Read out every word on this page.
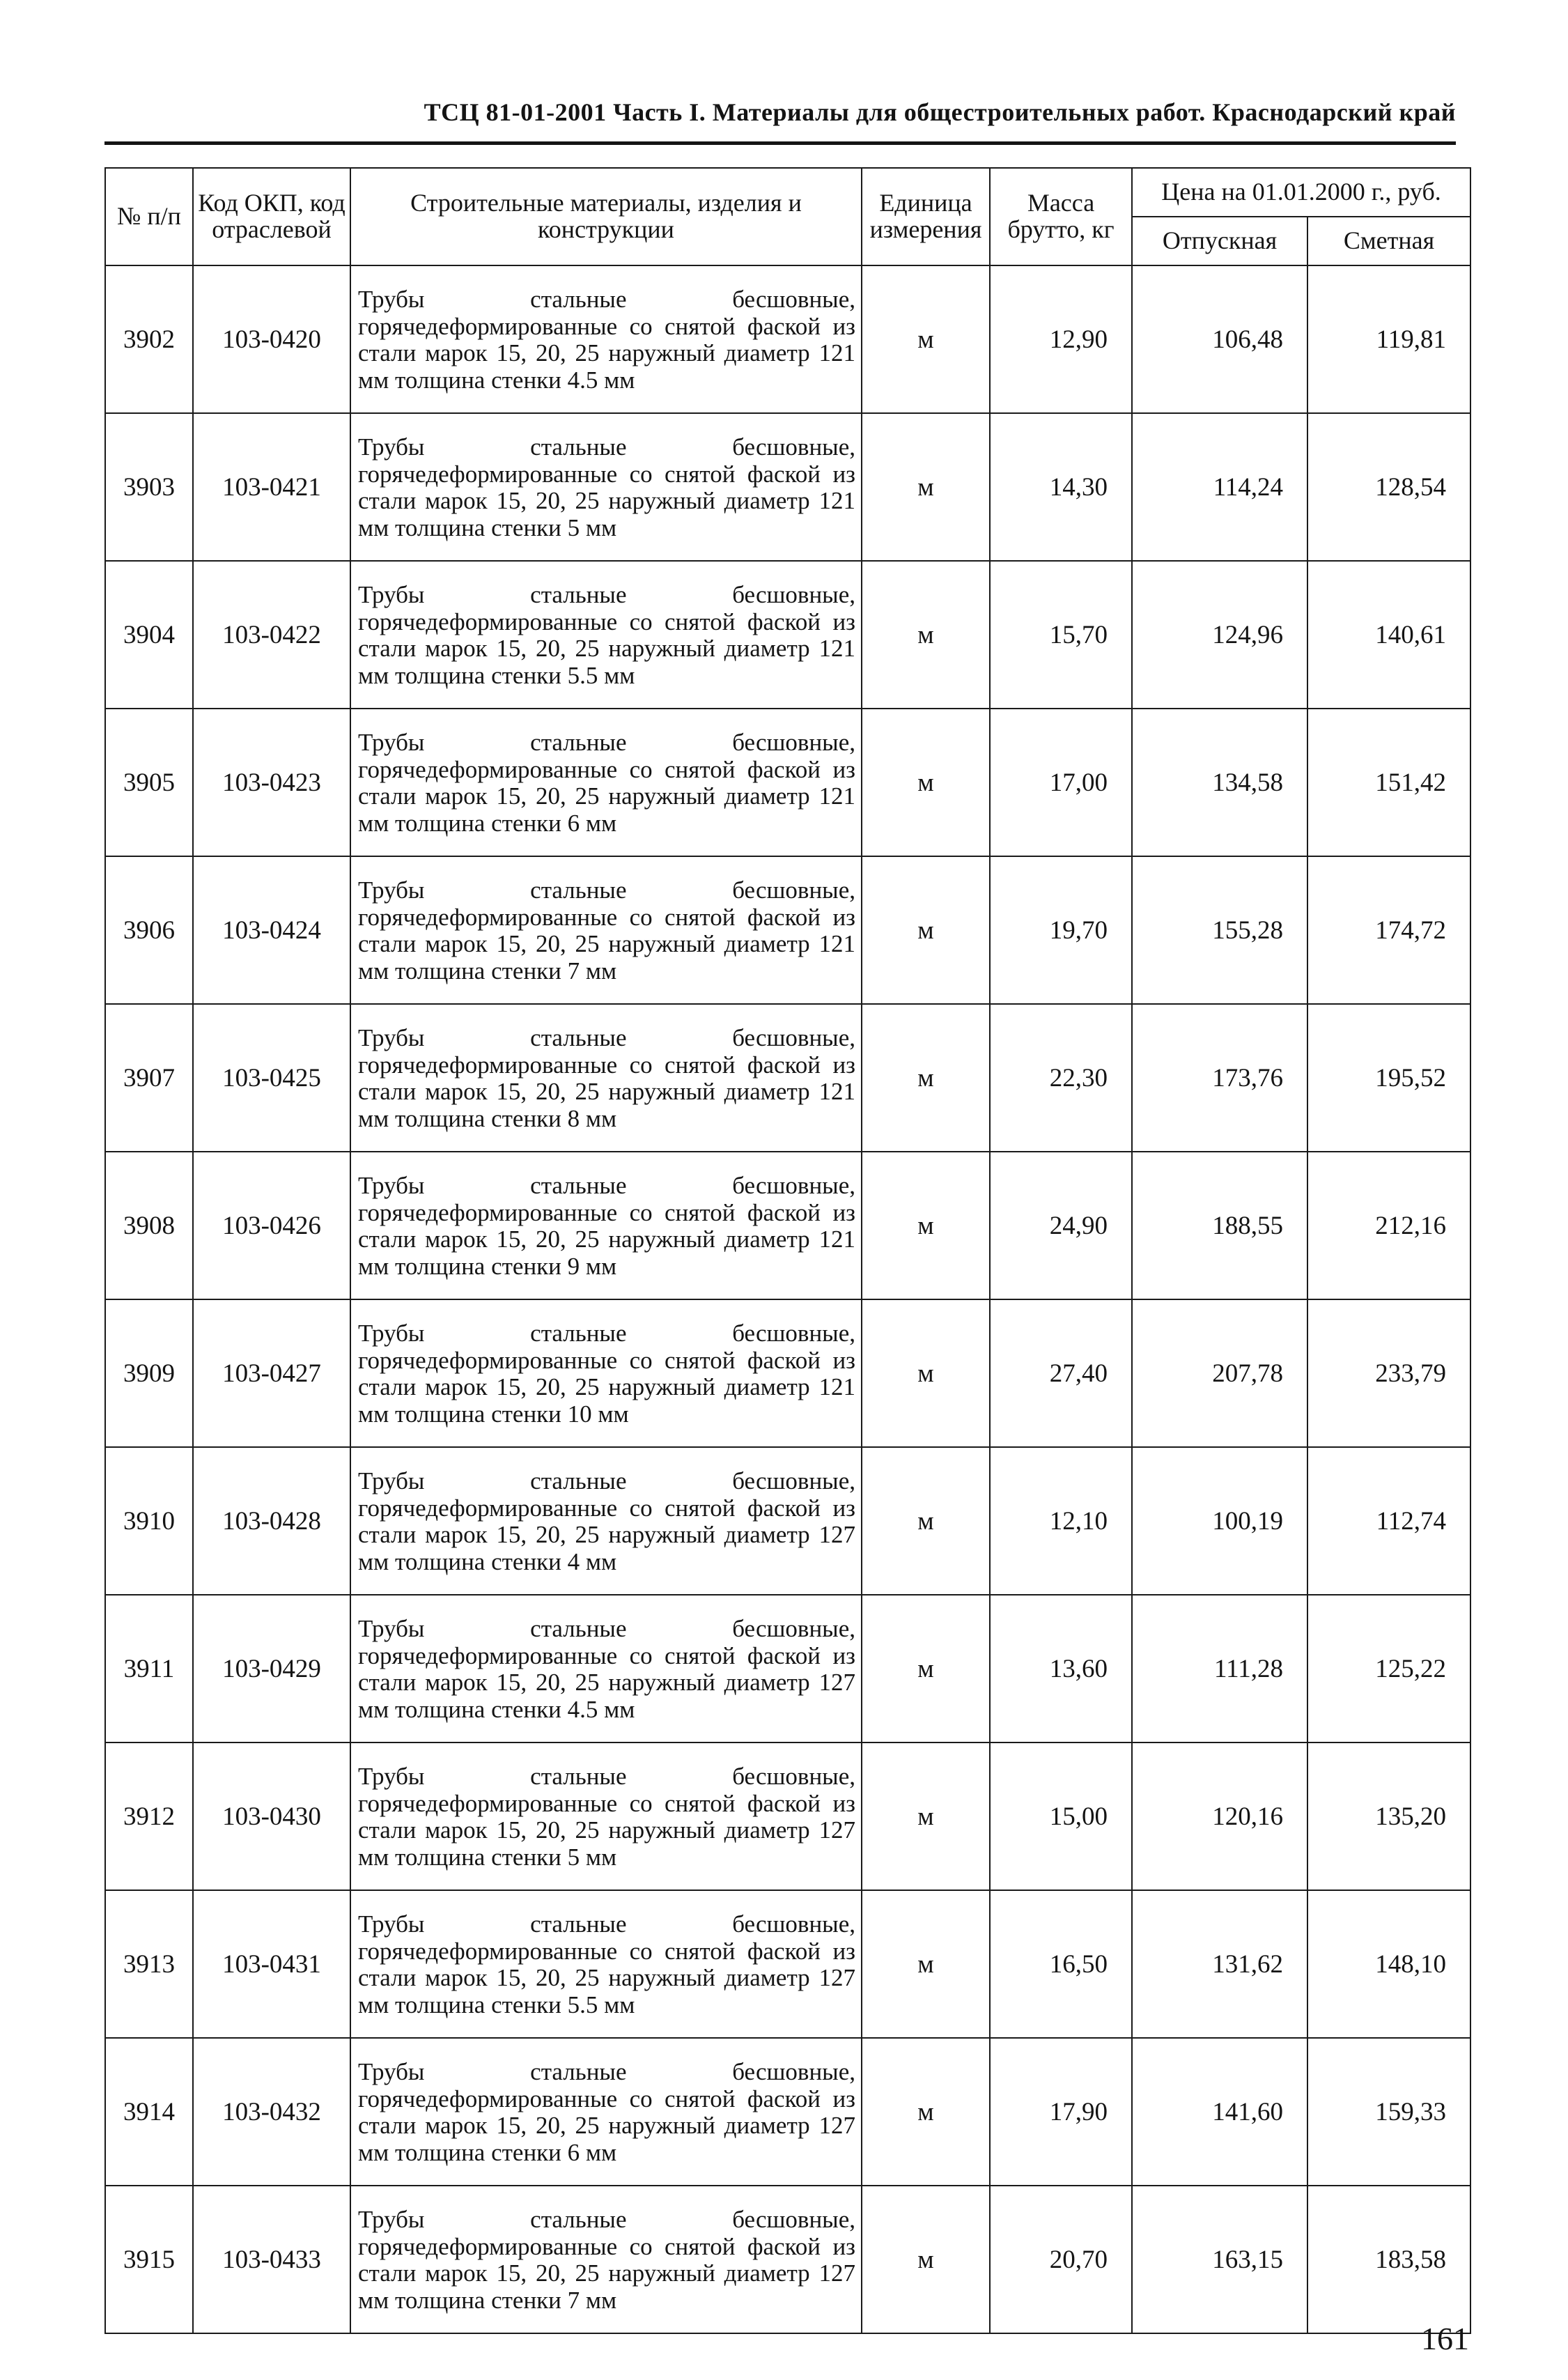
ТСЦ 81-01-2001 Часть I. Материалы для общестроительных работ. Краснодарский край
№ п/п	Код ОКП, код отраслевой	Строительные материалы, изделия и конструкции	Единица измерения	Масса брутто, кг	Цена на 01.01.2000 г., руб.	
					Отпускная	Сметная
3902	103-0420	Трубы стальные бесшовные, горячедеформированные со снятой фаской из стали марок 15, 20, 25 наружный диаметр 121 мм толщина стенки 4.5 мм	м	12,90	106,48	119,81
3903	103-0421	Трубы стальные бесшовные, горячедеформированные со снятой фаской из стали марок 15, 20, 25 наружный диаметр 121 мм толщина стенки 5 мм	м	14,30	114,24	128,54
3904	103-0422	Трубы стальные бесшовные, горячедеформированные со снятой фаской из стали марок 15, 20, 25 наружный диаметр 121 мм толщина стенки 5.5 мм	м	15,70	124,96	140,61
3905	103-0423	Трубы стальные бесшовные, горячедеформированные со снятой фаской из стали марок 15, 20, 25 наружный диаметр 121 мм толщина стенки 6 мм	м	17,00	134,58	151,42
3906	103-0424	Трубы стальные бесшовные, горячедеформированные со снятой фаской из стали марок 15, 20, 25 наружный диаметр 121 мм толщина стенки 7 мм	м	19,70	155,28	174,72
3907	103-0425	Трубы стальные бесшовные, горячедеформированные со снятой фаской из стали марок 15, 20, 25 наружный диаметр 121 мм толщина стенки 8 мм	м	22,30	173,76	195,52
3908	103-0426	Трубы стальные бесшовные, горячедеформированные со снятой фаской из стали марок 15, 20, 25 наружный диаметр 121 мм толщина стенки 9 мм	м	24,90	188,55	212,16
3909	103-0427	Трубы стальные бесшовные, горячедеформированные со снятой фаской из стали марок 15, 20, 25 наружный диаметр 121 мм толщина стенки 10 мм	м	27,40	207,78	233,79
3910	103-0428	Трубы стальные бесшовные, горячедеформированные со снятой фаской из стали марок 15, 20, 25 наружный диаметр 127 мм толщина стенки 4 мм	м	12,10	100,19	112,74
3911	103-0429	Трубы стальные бесшовные, горячедеформированные со снятой фаской из стали марок 15, 20, 25 наружный диаметр 127 мм толщина стенки 4.5 мм	м	13,60	111,28	125,22
3912	103-0430	Трубы стальные бесшовные, горячедеформированные со снятой фаской из стали марок 15, 20, 25 наружный диаметр 127 мм толщина стенки 5 мм	м	15,00	120,16	135,20
3913	103-0431	Трубы стальные бесшовные, горячедеформированные со снятой фаской из стали марок 15, 20, 25 наружный диаметр 127 мм толщина стенки 5.5 мм	м	16,50	131,62	148,10
3914	103-0432	Трубы стальные бесшовные, горячедеформированные со снятой фаской из стали марок 15, 20, 25 наружный диаметр 127 мм толщина стенки 6 мм	м	17,90	141,60	159,33
3915	103-0433	Трубы стальные бесшовные, горячедеформированные со снятой фаской из стали марок 15, 20, 25 наружный диаметр 127 мм толщина стенки 7 мм	м	20,70	163,15	183,58
161
